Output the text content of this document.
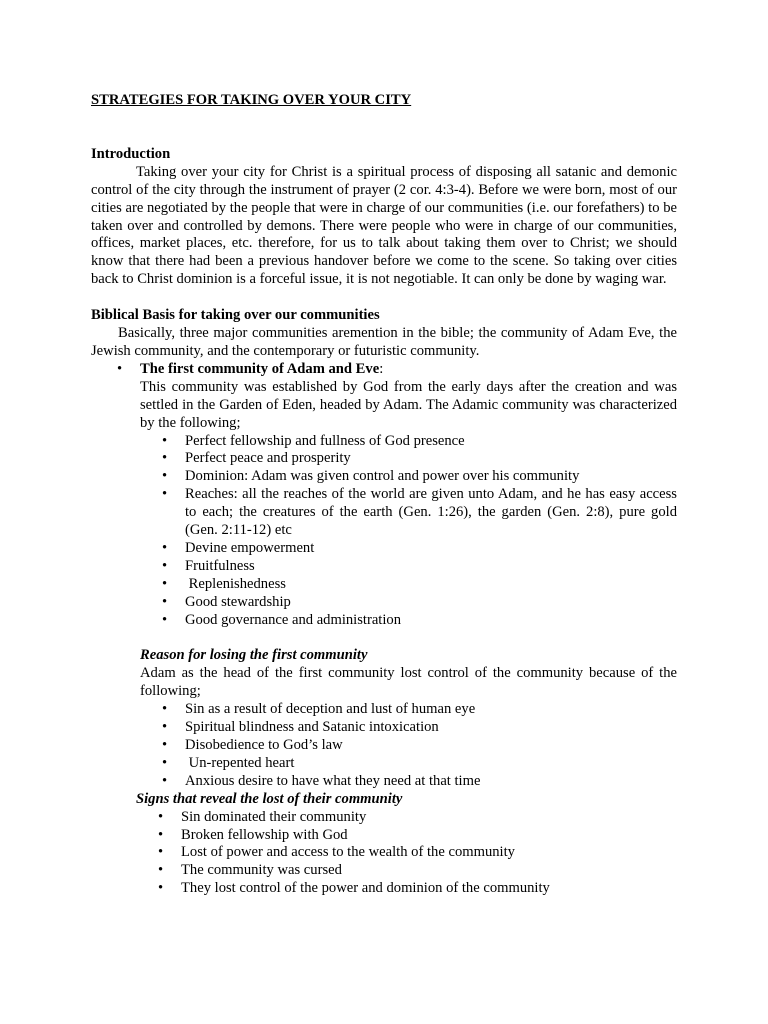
STRATEGIES FOR TAKING OVER YOUR CITY

Introduction

Taking over your city for Christ is a spiritual process of disposing all satanic and demonic control of the city through the instrument of prayer (2 cor. 4:3-4). Before we were born, most of our cities are negotiated by the people that were in charge of our communities (i.e. our forefathers) to be taken over and controlled by demons. There were people who were in charge of our communities, offices, market places, etc. therefore, for us to talk about taking them over to Christ; we should know that there had been a previous handover before we come to the scene. So taking over cities back to Christ dominion is a forceful issue, it is not negotiable. It can only be done by waging war.

Biblical Basis for taking over our communities

Basically, three major communities aremention in the bible; the community of Adam Eve, the Jewish community, and the contemporary or futuristic community.

• The first community of Adam and Eve:

This community was established by God from the early days after the creation and was settled in the Garden of Eden, headed by Adam. The Adamic community was characterized by the following;

• Perfect fellowship and fullness of God presence
• Perfect peace and prosperity
• Dominion: Adam was given control and power over his community
• Reaches: all the reaches of the world are given unto Adam, and he has easy access to each; the creatures of the earth (Gen. 1:26), the garden (Gen. 2:8), pure gold (Gen. 2:11-12) etc
• Devine empowerment
• Fruitfulness
•  Replenishedness
• Good stewardship
• Good governance and administration

Reason for losing the first community

Adam as the head of the first community lost control of the community because of the following;

• Sin as a result of deception and lust of human eye
• Spiritual blindness and Satanic intoxication
• Disobedience to God’s law
•  Un-repented heart
• Anxious desire to have what they need at that time

Signs that reveal the lost of their community

• Sin dominated their community
• Broken fellowship with God
• Lost of power and access to the wealth of the community
• The community was cursed
• They lost control of the power and dominion of the community
